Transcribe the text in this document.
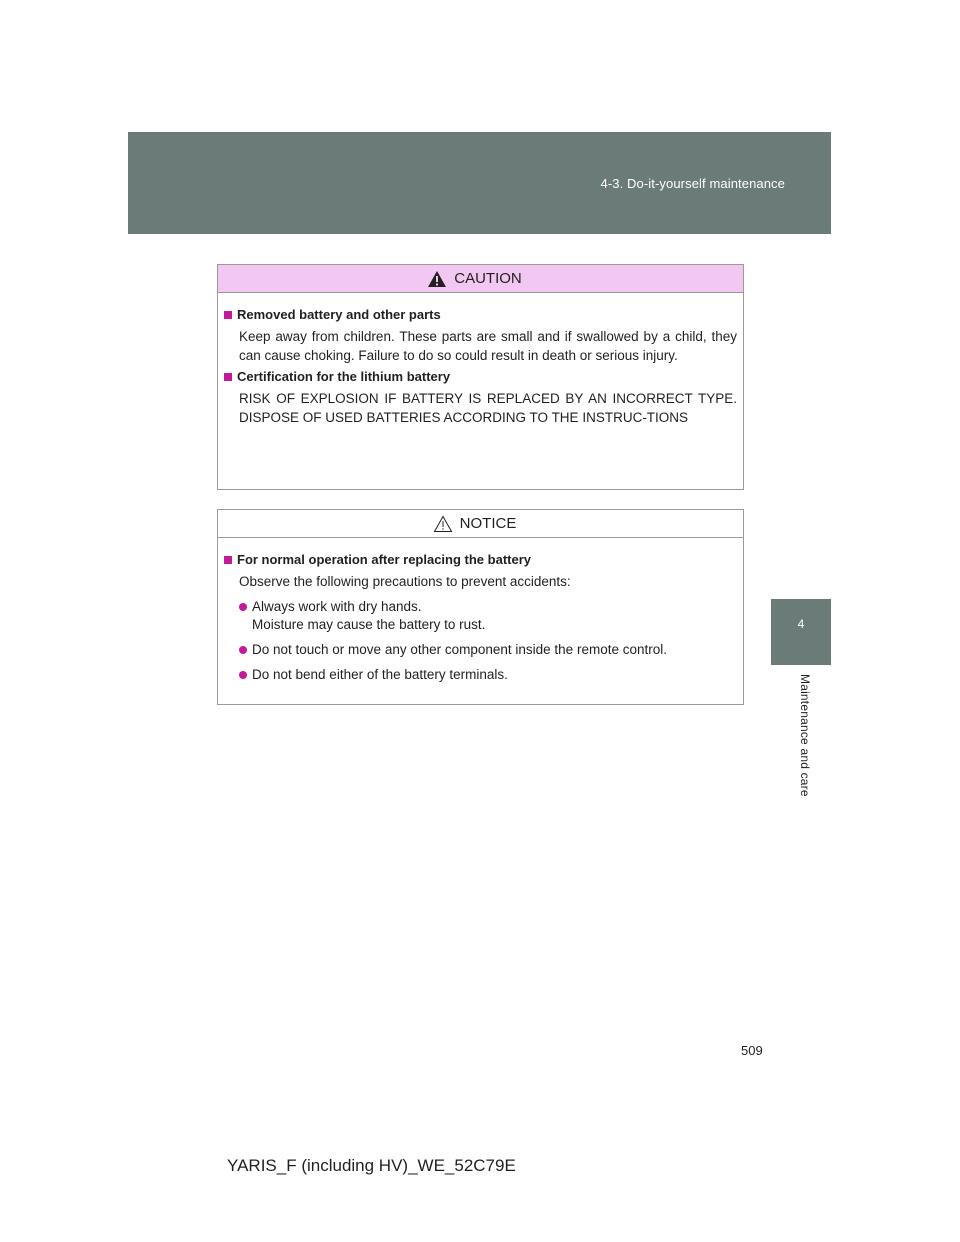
4-3. Do-it-yourself maintenance
4
Maintenance and care
CAUTION
Removed battery and other parts
Keep away from children. These parts are small and if swallowed by a child, they can cause choking. Failure to do so could result in death or serious injury.
Certification for the lithium battery
RISK OF EXPLOSION IF BATTERY IS REPLACED BY AN INCORRECT TYPE. DISPOSE OF USED BATTERIES ACCORDING TO THE INSTRUC-TIONS
NOTICE
For normal operation after replacing the battery
Observe the following precautions to prevent accidents:
Always work with dry hands.
Moisture may cause the battery to rust.
Do not touch or move any other component inside the remote control.
Do not bend either of the battery terminals.
509
YARIS_F (including HV)_WE_52C79E
